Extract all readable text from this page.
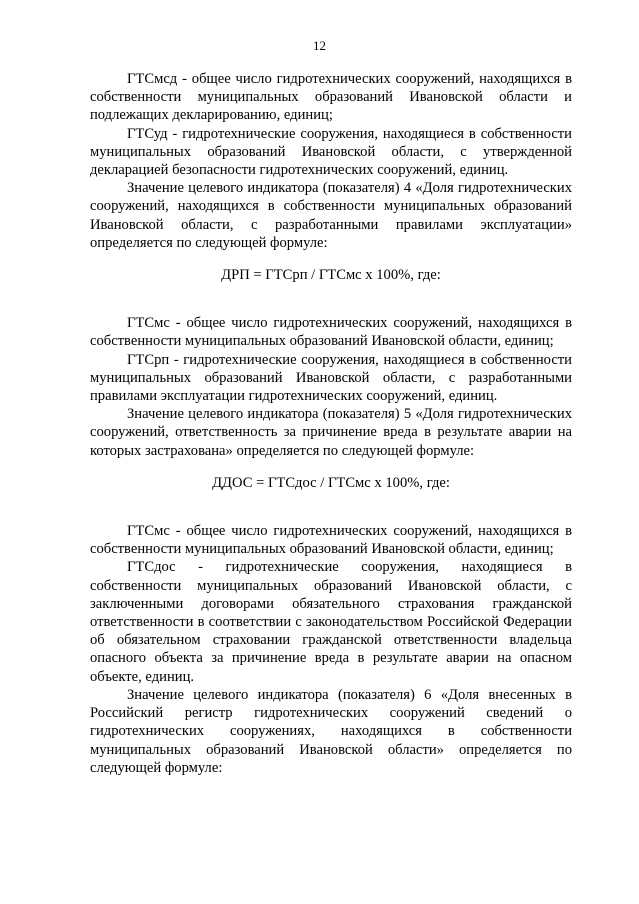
12

ГТСмсд - общее число гидротехнических сооружений, находящихся в собственности муниципальных образований Ивановской области и подлежащих декларированию, единиц;

ГТСуд - гидротехнические сооружения, находящиеся в собственности муниципальных образований Ивановской области, с утвержденной декларацией безопасности гидротехнических сооружений, единиц.

Значение целевого индикатора (показателя) 4 «Доля гидротехнических сооружений, находящихся в собственности муниципальных образований Ивановской области, с разработанными правилами эксплуатации» определяется по следующей формуле:

ДРП = ГТСрп / ГТСмс х 100%, где:

ГТСмс - общее число гидротехнических сооружений, находящихся в собственности муниципальных образований Ивановской области, единиц;

ГТСрп - гидротехнические сооружения, находящиеся в собственности муниципальных образований Ивановской области, с разработанными правилами эксплуатации гидротехнических сооружений, единиц.

Значение целевого индикатора (показателя) 5 «Доля гидротехнических сооружений, ответственность за причинение вреда в результате аварии на которых застрахована» определяется по следующей формуле:

ДДОС = ГТСдос / ГТСмс х 100%, где:

ГТСмс - общее число гидротехнических сооружений, находящихся в собственности муниципальных образований Ивановской области, единиц;

ГТСдос - гидротехнические сооружения, находящиеся в собственности муниципальных образований Ивановской области, с заключенными договорами обязательного страхования гражданской ответственности в соответствии с законодательством Российской Федерации об обязательном страховании гражданской ответственности владельца опасного объекта за причинение вреда в результате аварии на опасном объекте, единиц.

Значение целевого индикатора (показателя) 6 «Доля внесенных в Российский регистр гидротехнических сооружений сведений о гидротехнических сооружениях, находящихся в собственности муниципальных образований Ивановской области» определяется по следующей формуле:
